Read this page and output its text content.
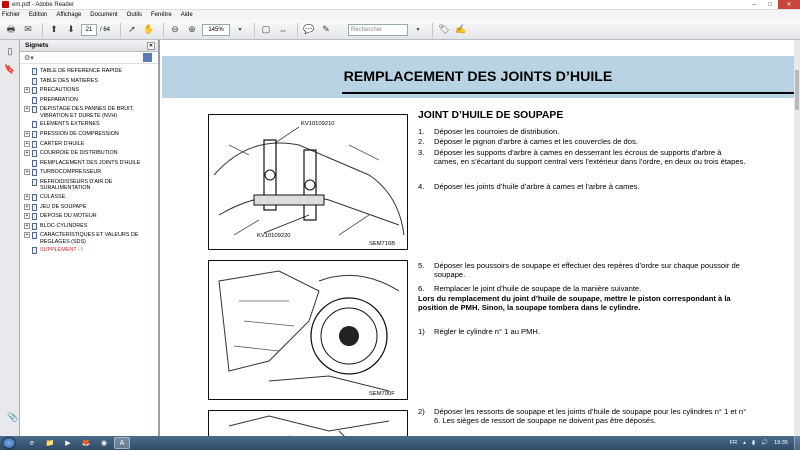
em.pdf - Adobe Reader	–	□	✕
Fichier Edition Affichage Document Outils Fenêtre Aide
🖶 ✉	⬆	⬇	21	/ 64	➚ ✋	⊖	⊕	145%	▾	▢ ⇔ 💬 ✎	Rechercher	▾	🏷 ✍
▯
🔖
📎
Signets	✕
⚙▾
TABLE DE REFERENCE RAPIDE
TABLE DES MATIERES
+ PRECAUTIONS
PREPARATION
+ DEPISTAGE DES PANNES DE BRUIT, VIBRATION ET DURETE (NVH)
ELEMENTS EXTERNES
+ PRESSION DE COMPRESSION
+ CARTER D'HUILE
+ COURROIE DE DISTRIBUTION
REMPLACEMENT DES JOINTS D'HUILE
+ TURBOCOMPRESSEUR
REFROIDISSEURS D'AIR DE SURALIMENTATION
+ CULASSE
+ JEU DE SOUPAPE
+ DEPOSE DU MOTEUR
+ BLOC-CYLINDRES
+ CARACTERISTIQUES ET VALEURS DE REGLAGES (SDS)
SUPPLEMENT - I
REMPLACEMENT DES JOINTS D’HUILE
JOINT D’HUILE DE SOUPAPE
KV10109210
KV10109220
SEM716B
SEM790F
1.	Déposer les courroies de distribution.
2.	Déposer le pignon d’arbre à cames et les couvercles de dos.
3.	Déposer les supports d’arbre à cames en desserrant les écrous de supports d’arbre à cames, en s’écartant du support central vers l’extérieur dans l’ordre, en deux ou trois étapes.
4.	Déposer les joints d’huile d’arbre à cames et l’arbre à cames.
5.	Déposer les poussoirs de soupape et effectuer des repères d’ordre sur chaque poussoir de soupape.
6.	Remplacer le joint d’huile de soupape de la manière suivante.
Lors du remplacement du joint d’huile de soupape, mettre le piston correspondant à la position de PMH. Sinon, la soupape tombera dans le cylindre.
1)	Régler le cylindre n° 1 au PMH.
2)	Déposer les ressorts de soupape et les joints d’huile de soupape pour les cylindres n° 1 et n° 6. Les sièges de ressort de soupape ne doivent pas être déposés.
e	📁	▶	🦊	◉	A	FR ▴ ▮ 🔊 19:35
